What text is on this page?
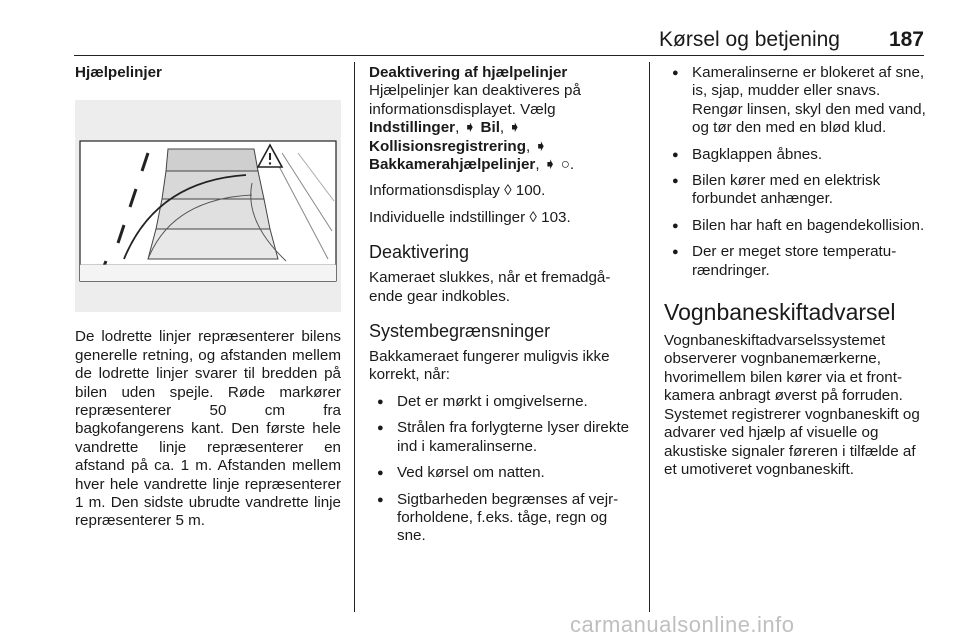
Kørsel og betjening 187

Hjælpelinjer

De lodrette linjer repræsenterer bilens generelle retning, og afstanden mellem de lodrette linjer svarer til bredden på bilen uden spejle. Røde markører repræsenterer 50 cm fra bagkofangerens kant. Den første hele vandrette linje repræsenterer en afstand på ca. 1 m. Afstanden mellem hver hele vandrette linje repræsenterer 1 m. Den sidste ubrudte vandrette linje repræsenterer 5 m.

Deaktivering af hjælpelinjer

Hjælpelinjer kan deaktiveres på informationsdisplayet. Vælg
Indstillinger, ➧ Bil, ➧
Kollisionsregistrering, ➧
Bakkamerahjælpelinjer, ➧ ○.

Informationsdisplay ◊ 100.

Individuelle indstillinger ◊ 103.

Deaktivering

Kameraet slukkes, når et fremadgående gear indkobles.

Systembegrænsninger

Bakkameraet fungerer muligvis ikke korrekt, når:

● Det er mørkt i omgivelserne.
● Strålen fra forlygterne lyser direkte ind i kameralinserne.
● Ved kørsel om natten.
● Sigtbarheden begrænses af vejrforholdene, f.eks. tåge, regn og sne.
● Kameralinserne er blokeret af sne, is, sjap, mudder eller snavs. Rengør linsen, skyl den med vand, og tør den med en blød klud.
● Bagklappen åbnes.
● Bilen kører med en elektrisk forbundet anhænger.
● Bilen har haft en bagendekollision.
● Der er meget store temperaturændringer.

Vognbaneskiftadvarsel

Vognbaneskiftadvarselssystemet observerer vognbanemærkerne, hvorimellem bilen kører via et frontkamera anbragt øverst på forruden. Systemet registrerer vognbaneskift og advarer ved hjælp af visuelle og akustiske signaler føreren i tilfælde af et umotiveret vognbaneskift.

carmanualsonline.info
